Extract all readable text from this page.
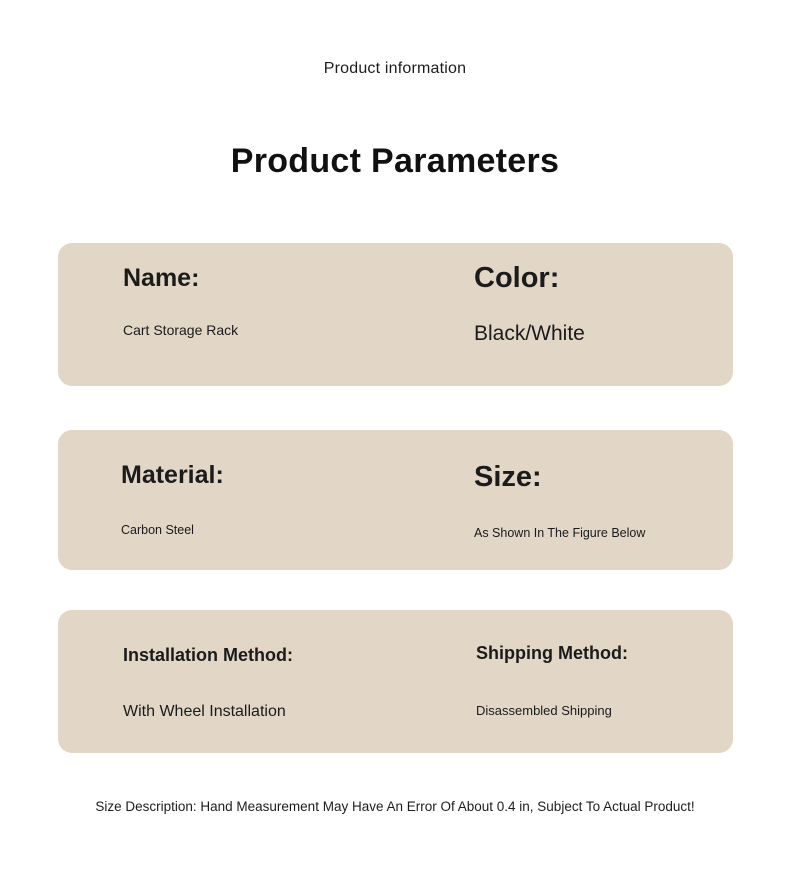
Product information
Product Parameters
Name:
Cart Storage Rack
Color:
Black/White
Material:
Carbon Steel
Size:
As Shown In The Figure Below
Installation Method:
With Wheel Installation
Shipping Method:
Disassembled Shipping
Size Description: Hand Measurement May Have An Error Of About 0.4 in, Subject To Actual Product!
